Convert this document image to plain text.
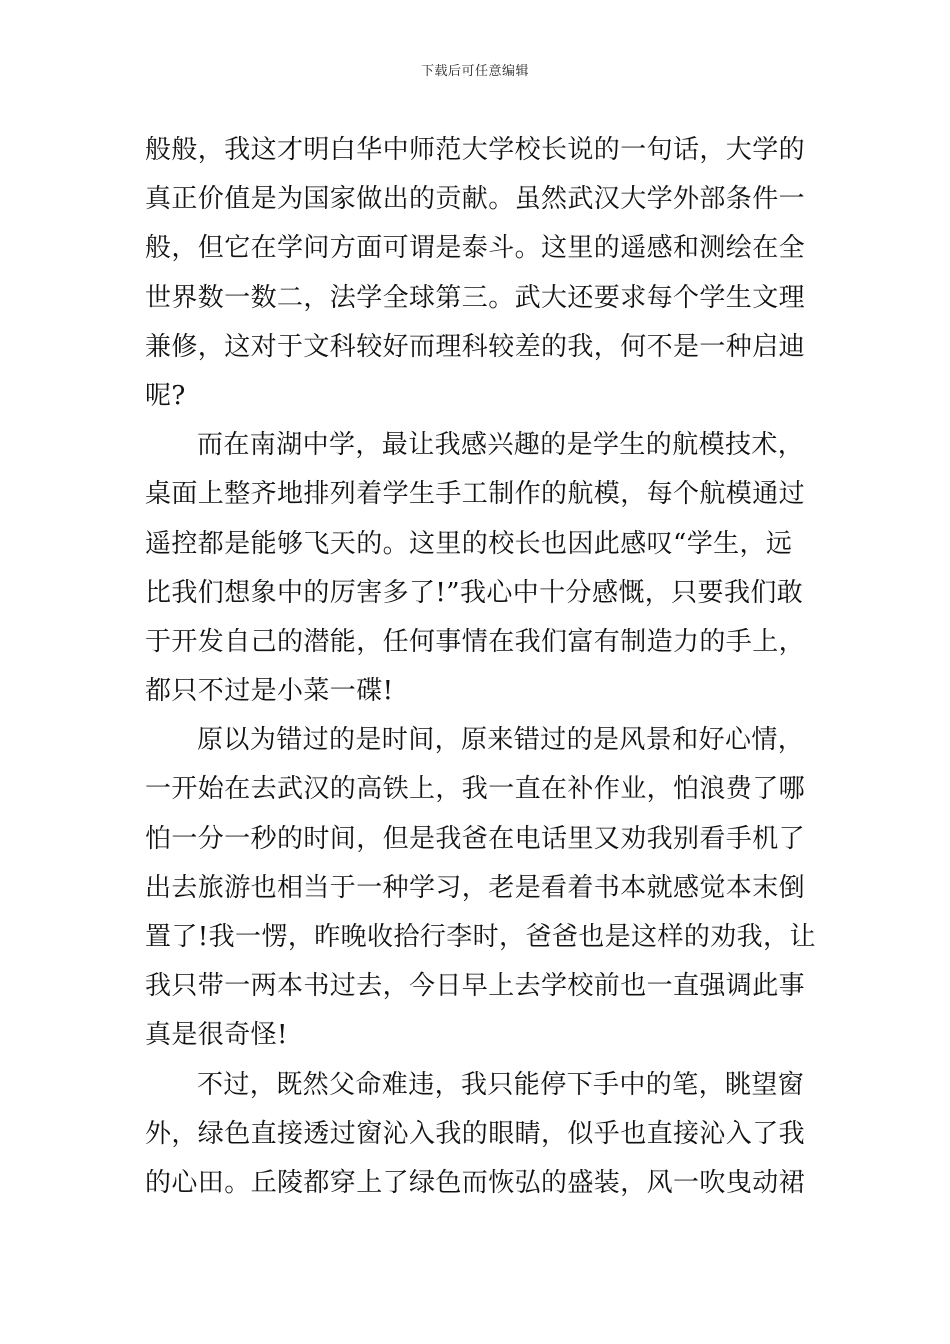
下载后可任意编辑
般般，我这才明白华中师范大学校长说的一句话，大学的
真正价值是为国家做出的贡献。虽然武汉大学外部条件一
般，但它在学问方面可谓是泰斗。这里的遥感和测绘在全
世界数一数二，法学全球第三。武大还要求每个学生文理
兼修，这对于文科较好而理科较差的我，何不是一种启迪
呢?
而在南湖中学，最让我感兴趣的是学生的航模技术，
桌面上整齐地排列着学生手工制作的航模，每个航模通过
遥控都是能够飞天的。这里的校长也因此感叹“学生，远
比我们想象中的厉害多了!”我心中十分感慨，只要我们敢
于开发自己的潜能，任何事情在我们富有制造力的手上，
都只不过是小菜一碟!
原以为错过的是时间，原来错过的是风景和好心情，
一开始在去武汉的高铁上，我一直在补作业，怕浪费了哪
怕一分一秒的时间，但是我爸在电话里又劝我别看手机了
出去旅游也相当于一种学习，老是看着书本就感觉本末倒
置了!我一愣，昨晚收拾行李时，爸爸也是这样的劝我，让
我只带一两本书过去，今日早上去学校前也一直强调此事
真是很奇怪!
不过，既然父命难违，我只能停下手中的笔，眺望窗
外，绿色直接透过窗沁入我的眼睛，似乎也直接沁入了我
的心田。丘陵都穿上了绿色而恢弘的盛装，风一吹曳动裙
